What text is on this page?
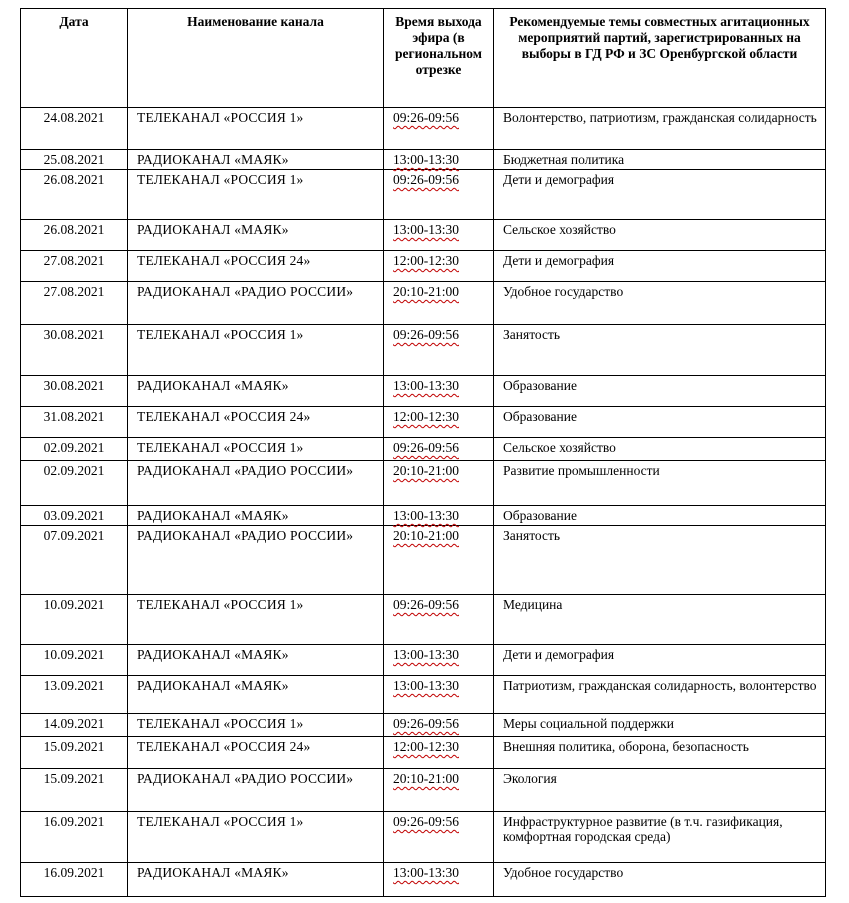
Дата	Наименование канала	Время выхода эфира (в региональном отрезке	Рекомендуемые темы совместных агитационных мероприятий партий, зарегистрированных на выборы в ГД РФ и ЗС Оренбургской области
24.08.2021	ТЕЛЕКАНАЛ «РОССИЯ 1»	09:26-09:56	Волонтерство, патриотизм, гражданская солидарность
25.08.2021	РАДИОКАНАЛ «МАЯК»	13:00-13:30	Бюджетная политика
26.08.2021	ТЕЛЕКАНАЛ «РОССИЯ 1»	09:26-09:56	Дети и демография
26.08.2021	РАДИОКАНАЛ «МАЯК»	13:00-13:30	Сельское хозяйство
27.08.2021	ТЕЛЕКАНАЛ «РОССИЯ 24»	12:00-12:30	Дети и демография
27.08.2021	РАДИОКАНАЛ «РАДИО РОССИИ»	20:10-21:00	Удобное государство
30.08.2021	ТЕЛЕКАНАЛ «РОССИЯ 1»	09:26-09:56	Занятость
30.08.2021	РАДИОКАНАЛ «МАЯК»	13:00-13:30	Образование
31.08.2021	ТЕЛЕКАНАЛ «РОССИЯ 24»	12:00-12:30	Образование
02.09.2021	ТЕЛЕКАНАЛ «РОССИЯ 1»	09:26-09:56	Сельское хозяйство
02.09.2021	РАДИОКАНАЛ «РАДИО РОССИИ»	20:10-21:00	Развитие промышленности
03.09.2021	РАДИОКАНАЛ «МАЯК»	13:00-13:30	Образование
07.09.2021	РАДИОКАНАЛ «РАДИО РОССИИ»	20:10-21:00	Занятость
10.09.2021	ТЕЛЕКАНАЛ «РОССИЯ 1»	09:26-09:56	Медицина
10.09.2021	РАДИОКАНАЛ «МАЯК»	13:00-13:30	Дети и демография
13.09.2021	РАДИОКАНАЛ «МАЯК»	13:00-13:30	Патриотизм, гражданская солидарность, волонтерство
14.09.2021	ТЕЛЕКАНАЛ «РОССИЯ 1»	09:26-09:56	Меры социальной поддержки
15.09.2021	ТЕЛЕКАНАЛ «РОССИЯ 24»	12:00-12:30	Внешняя политика, оборона, безопасность
15.09.2021	РАДИОКАНАЛ «РАДИО РОССИИ»	20:10-21:00	Экология
16.09.2021	ТЕЛЕКАНАЛ «РОССИЯ 1»	09:26-09:56	Инфраструктурное развитие (в т.ч. газификация, комфортная городская среда)
16.09.2021	РАДИОКАНАЛ «МАЯК»	13:00-13:30	Удобное государство
